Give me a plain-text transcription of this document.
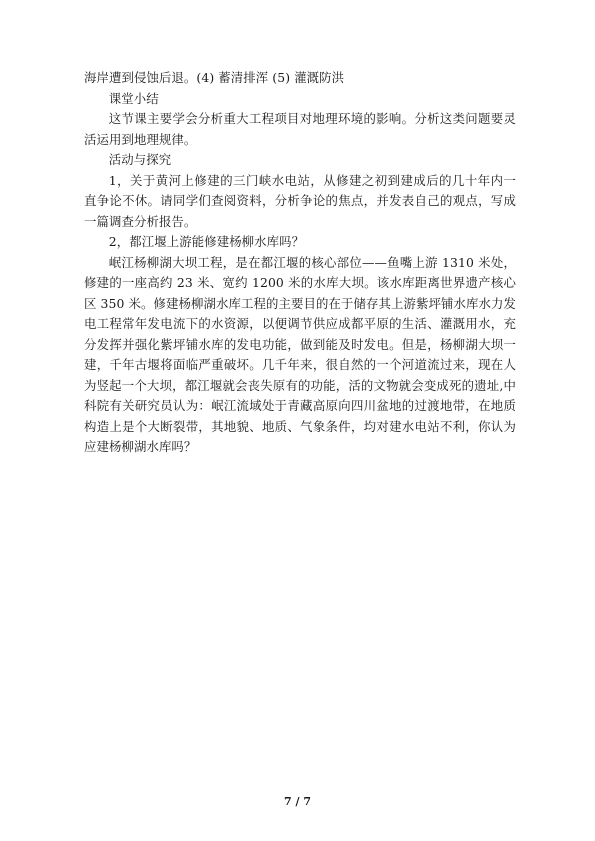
海岸遭到侵蚀后退。(4) 蓄清排浑 (5) 灌溉防洪

课堂小结

这节课主要学会分析重大工程项目对地理环境的影响。分析这类问题要灵活运用到地理规律。

活动与探究

1，关于黄河上修建的三门峡水电站，从修建之初到建成后的几十年内一直争论不休。请同学们查阅资料，分析争论的焦点，并发表自己的观点，写成一篇调查分析报告。

2，都江堰上游能修建杨柳水库吗？

岷江杨柳湖大坝工程，是在都江堰的核心部位——鱼嘴上游 1310 米处，修建的一座高约 23 米、宽约 1200 米的水库大坝。该水库距离世界遗产核心区 350 米。修建杨柳湖水库工程的主要目的在于储存其上游紫坪铺水库水力发电工程常年发电流下的水资源，以便调节供应成都平原的生活、灌溉用水，充分发挥并强化紫坪铺水库的发电功能，做到能及时发电。但是，杨柳湖大坝一建，千年古堰将面临严重破坏。几千年来，很自然的一个河道流过来，现在人为竖起一个大坝，都江堰就会丧失原有的功能，活的文物就会变成死的遗址,中科院有关研究员认为：岷江流域处于青藏高原向四川盆地的过渡地带，在地质构造上是个大断裂带，其地貌、地质、气象条件，均对建水电站不利，你认为应建杨柳湖水库吗？

7 / 7
